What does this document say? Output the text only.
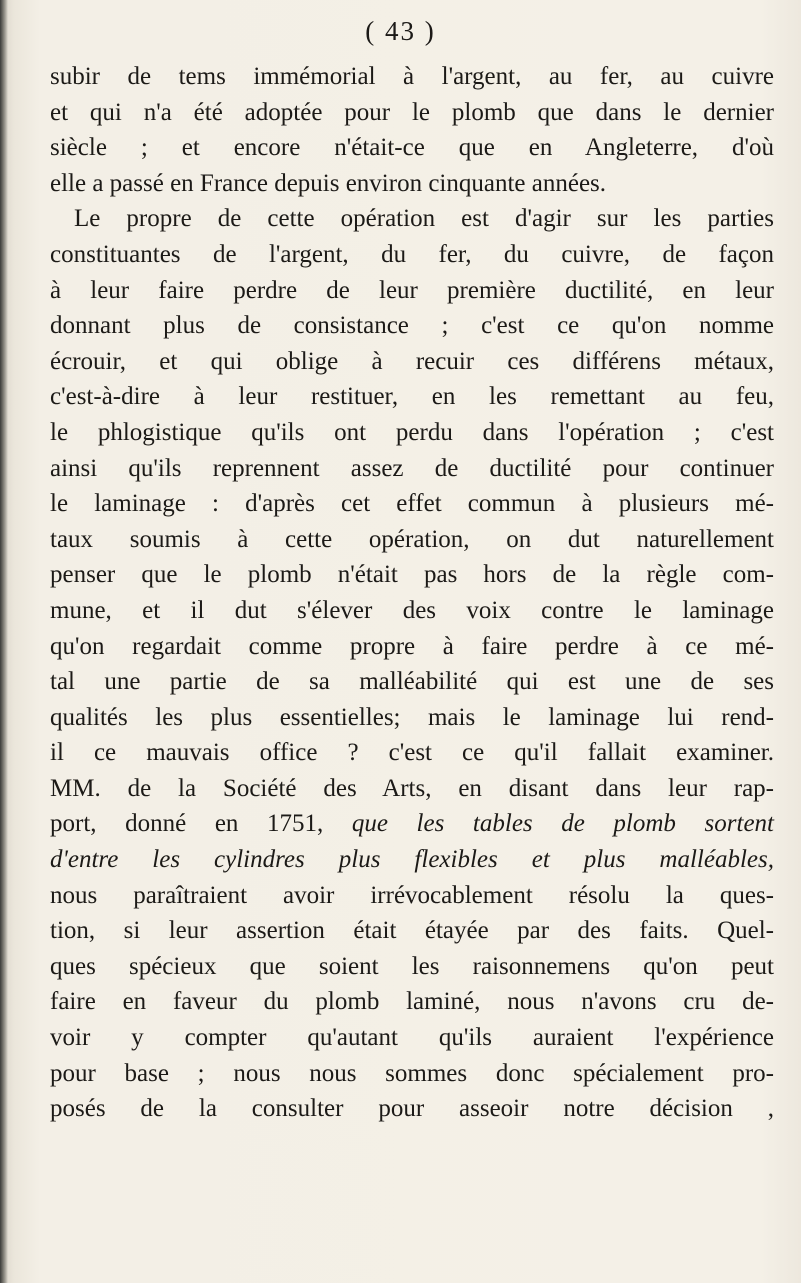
( 43 )
subir de tems immémorial à l'argent, au fer, au cuivre
et qui n'a été adoptée pour le plomb que dans le dernier
siècle ; et encore n'était-ce que en Angleterre, d'où
elle a passé en France depuis environ cinquante années.
Le propre de cette opération est d'agir sur les parties
constituantes de l'argent, du fer, du cuivre, de façon
à leur faire perdre de leur première ductilité, en leur
donnant plus de consistance ; c'est ce qu'on nomme
écrouir, et qui oblige à recuir ces différens métaux,
c'est-à-dire à leur restituer, en les remettant au feu,
le phlogistique qu'ils ont perdu dans l'opération ; c'est
ainsi qu'ils reprennent assez de ductilité pour continuer
le laminage : d'après cet effet commun à plusieurs mé-
taux soumis à cette opération, on dut naturellement
penser que le plomb n'était pas hors de la règle com-
mune, et il dut s'élever des voix contre le laminage
qu'on regardait comme propre à faire perdre à ce mé-
tal une partie de sa malléabilité qui est une de ses
qualités les plus essentielles; mais le laminage lui rend-
il ce mauvais office ? c'est ce qu'il fallait examiner.
MM. de la Société des Arts, en disant dans leur rap-
port, donné en 1751, que les tables de plomb sortent
d'entre les cylindres plus flexibles et plus malléables,
nous paraîtraient avoir irrévocablement résolu la ques-
tion, si leur assertion était étayée par des faits. Quel-
ques spécieux que soient les raisonnemens qu'on peut
faire en faveur du plomb laminé, nous n'avons cru de-
voir y compter qu'autant qu'ils auraient l'expérience
pour base ; nous nous sommes donc spécialement pro-
posés de la consulter pour asseoir notre décision ,
